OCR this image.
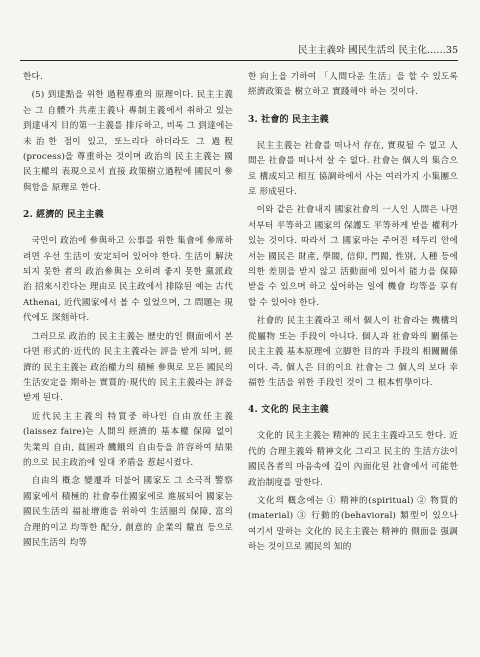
民主主義와 國民生活의 民主化……35

한다.

(5) 到達點을 위한 過程尊重의 原理이다. 民主主義는 그 自體가 共產主義나 專制主義에서 취하고 있는 到達내지 目的第一主義를 排斥하고, 비록 그 到達에는 未治한 점이 있고, 또느리다 하더라도 그 過程(process)을 尊重하는 것이며 政治의 民主主義는 國民主權의 表現으로서 直接 政策樹立過程에 國民이 參與함을 原理로 한다.

2. 經濟的 民主主義

국민이 政治에 參與하고 公事를 위한 集會에 參席하려면 우선 生活이 安定되어 있어야 한다. 生活이 解決되지 못한 者의 政治參與는 오히려 좋지 못한 黨派政治 招來시킨다는 理由로 民主政에서 排除된 예는 古代 Athenai, 近代國家에서 볼 수 있었으며, 그 問題는 現代에도 深刻하다.

그러므로 政治的 民主主義는 歷史的인 側面에서 본다면 形式的·近代的 民主主義라는 評을 받게 되며, 經濟的 民主主義는 政治權力의 積極 參與로 모든 國民의 生活安定을 期하는 實質的·現代的 民主主義라는 評을 받게 된다.

近代民主主義의 特質중 하나인 自由放任主義(laissez faire)는 人間의 經濟的 基本權 保障 없이 失業의 自由, 貧困과 饑餓의 自由등을 許容하여 結果的으로 民主政治에 일대 矛盾을 惹起시켰다.

自由의 槪念 變遷과 더불어 國家도 그 소극적 警察國家에서 積極的 社會奉仕國家에로 進展되어 國家는 國民生活의 福祉增進을 위하여 生活圈의 保障, 富의 合理的이고 均等한 配分, 創意的 企業의 釐直 등으로 國民生活의 均等

한 向上을 기하여 「人間다운 生活」을 할 수 있도록 經濟政策을 樹立하고 實踐해야 하는 것이다.

3. 社會的 民主主義

民主主義는 社會를 떠나서 存在, 實現될 수 없고 人間은 社會를 떠나서 살 수 없다. 社會는 個人의 集合으로 構成되고 相互 協調하에서 사는 여러가지 小集團으로 形成된다.

이와 같은 社會내지 國家社會의 一人인 人間은 나면서부터 平等하고 國家의 保護도 平等하게 받을 權利가 있는 것이다. 따라서 그 國家마는 주어진 테두리 안에서는 國民은 財產, 學閥, 信仰, 門閥, 性別, 人種 등에 의한 差別을 받지 않고 活動面에 있어서 能力을 保障받을 수 있으며 하고 싶어하는 일에 機會 均等을 享有할 수 있어야 한다.

社會的 民主主義라고 해서 個人이 社會라는 機構의 從屬物 또는 手段이 아니다. 個人과 社會와의 關係는 民主主義 基本原理에 立脚한 目的과 手段의 相關關係이다. 즉, 個人은 目的이요 社會는 그 個人의 보다 幸福한 生活을 위한 手段인 것이 그 根本哲學이다.

4. 文化的 民主主義

文化的 民主主義는 精神的 民主主義라고도 한다. 近代的 合理主義와 精神文化 그리고 民主的 生活方法이 國民各者의 마음속에 깊이 內面化된 社會에서 可能한 政治制度를 말한다.

文化의 槪念에는 ① 精神的(spiritual) ② 物質的(material) ③ 行動的(behavioral) 類型이 있으나 여기서 말하는 文化的 民主主義는 精神的 側面을 强調하는 것이므로 國民의 知的
